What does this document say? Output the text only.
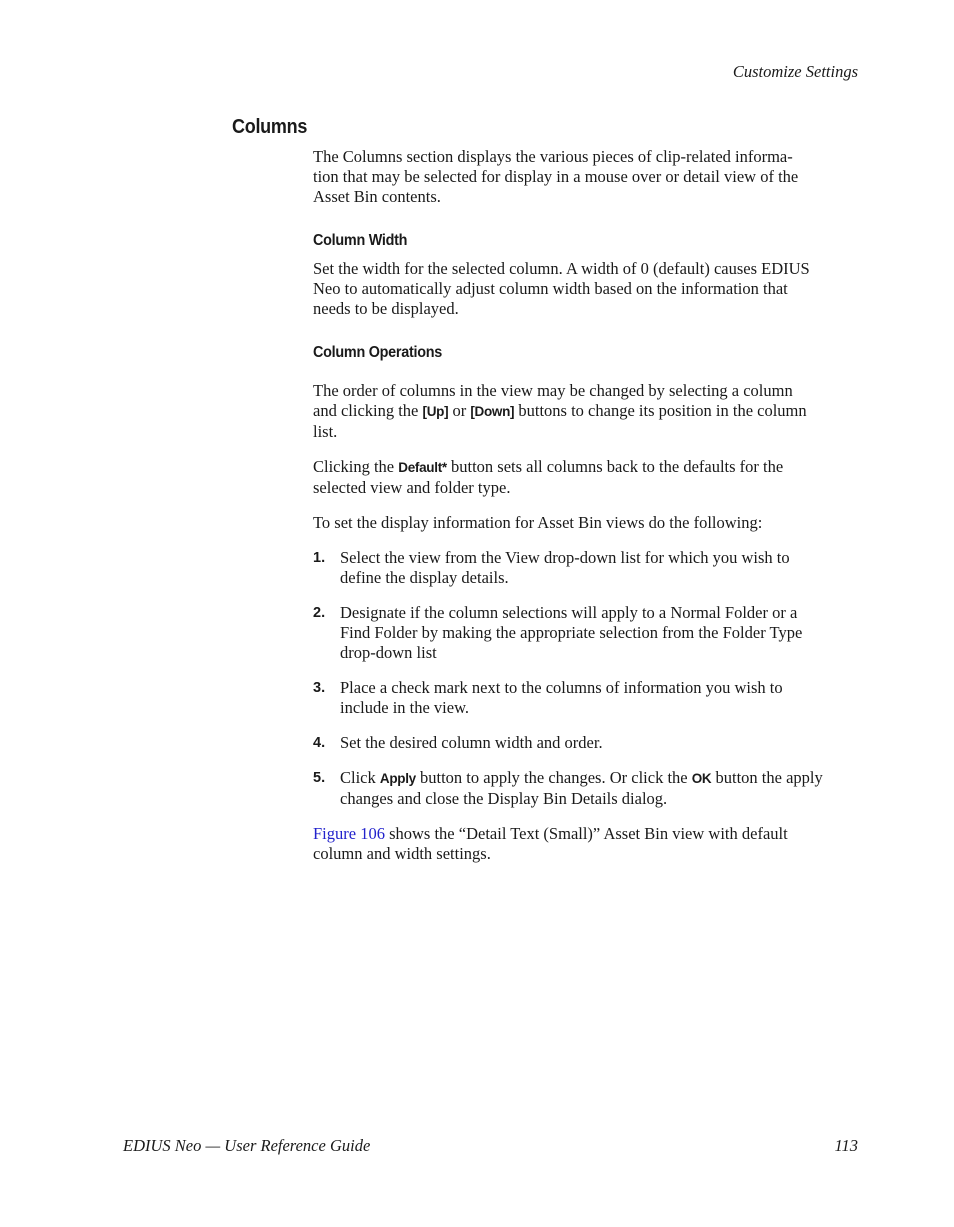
Customize Settings
Columns

The Columns section displays the various pieces of clip-related informa-
tion that may be selected for display in a mouse over or detail view of the
Asset Bin contents.

Column Width

Set the width for the selected column. A width of 0 (default) causes EDIUS
Neo to automatically adjust column width based on the information that
needs to be displayed.

Column Operations

The order of columns in the view may be changed by selecting a column
and clicking the [Up] or [Down] buttons to change its position in the column
list.

Clicking the Default* button sets all columns back to the defaults for the
selected view and folder type.

To set the display information for Asset Bin views do the following:

1. Select the view from the View drop-down list for which you wish to
define the display details.
2. Designate if the column selections will apply to a Normal Folder or a
Find Folder by making the appropriate selection from the Folder Type
drop-down list
3. Place a check mark next to the columns of information you wish to
include in the view.
4. Set the desired column width and order.
5. Click Apply button to apply the changes. Or click the OK button the apply
changes and close the Display Bin Details dialog.

Figure 106 shows the “Detail Text (Small)” Asset Bin view with default
column and width settings.

EDIUS Neo — User Reference Guide	113
